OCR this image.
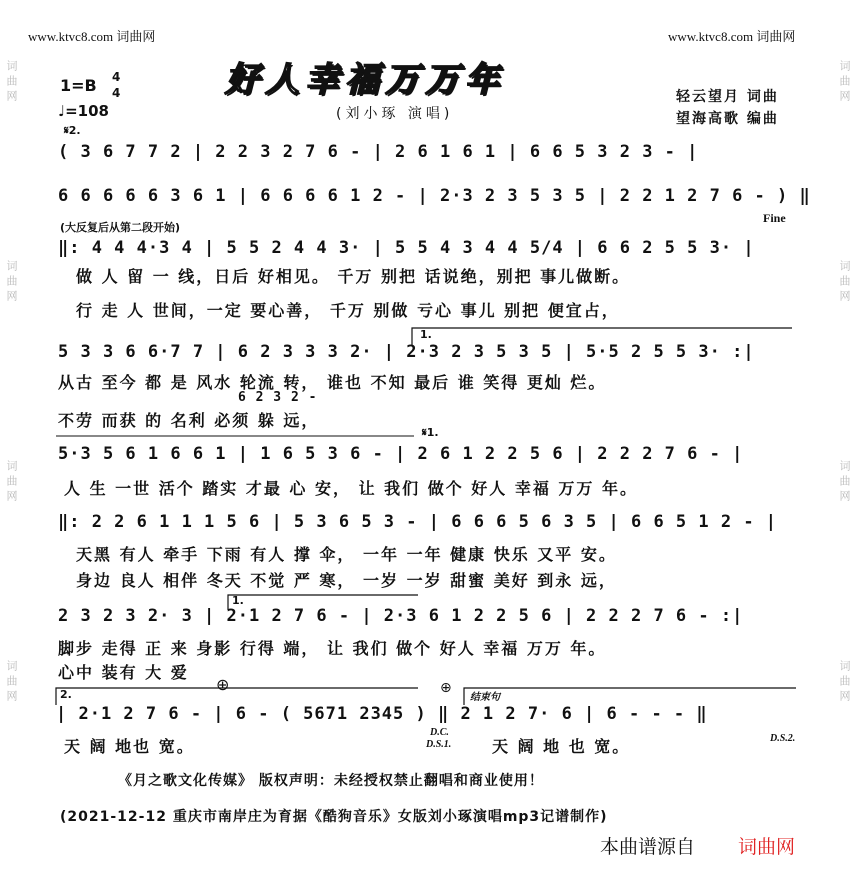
词曲网
词曲网
词曲网
词曲网
词曲网
词曲网
词曲网
词曲网
www.ktvc8.com 词曲网	www.ktvc8.com 词曲网
好人幸福万万年
(刘小琢 演唱)
1=B 4
4
♩=108
轻云望月 词曲
望海高歌 编曲
𝄋2.
( 3 6 7 7 2 | 2 2 3 2 7 6 - | 2 6 1 6 1 | 6 6 5 3 2 3 - |
6 6 6 6 6 3 6 1 | 6 6 6 6 1 2 - | 2·3 2 3 5 3 5 | 2 2 1 2 7 6 - ) ‖
Fine
(大反复后从第二段开始)
‖: 4 4 4·3 4 | 5 5 2 4 4 3· | 5 5 4 3 4 4 5/4 | 6 6 2 5 5 3· |
做 人 留 一 线，日后 好相见。 千万 别把 话说绝，别把 事儿做断。
行 走 人 世间，一定 要心善， 千万 别做 亏心 事儿 别把 便宜占，
1.
5 3 3 6 6·7 7 | 6 2 3 3 3 2· | 2·3 2 3 5 3 5 | 5·5 2 5 5 3· :|
从古 至今 都 是 风水 轮流 转， 谁也 不知 最后 谁 笑得 更灿 烂。
6 2 3 2 -
不劳 而获 的 名利 必须 躲 远，
𝄋1.
5·3 5 6 1 6 6 1 | 1 6 5 3 6 - | 2 6 1 2 2 5 6 | 2 2 2 7 6 - |
人 生 一世 活个 踏实 才最 心 安， 让 我们 做个 好人 幸福 万万 年。
‖: 2 2 6 1 1 1 5 6 | 5 3 6 5 3 - | 6 6 6 5 6 3 5 | 6 6 5 1 2 - |
天黑 有人 牵手 下雨 有人 撑 伞， 一年 一年 健康 快乐 又平 安。
身边 良人 相伴 冬天 不觉 严 寒， 一岁 一岁 甜蜜 美好 到永 远，
1.
2 3 2 3 2· 3 | 2·1 2 7 6 - | 2·3 6 1 2 2 5 6 | 2 2 2 7 6 - :|
脚步 走得 正 来 身影 行得 端， 让 我们 做个 好人 幸福 万万 年。
心中 装有 大 爱
2.
⊕	⊕
结束句
| 2·1 2 7 6 - | 6 - ( 5671 2345 ) ‖ 2 1 2 7· 6 | 6 - - - ‖
D.C.
D.S.1.
D.S.2.
天 阔 地也 宽。	天 阔 地 也 宽。
《月之歌文化传媒》 版权声明：未经授权禁止翻唱和商业使用！
(2021-12-12 重庆市南岸庄为育据《酷狗音乐》女版刘小琢演唱mp3记谱制作)
本曲谱源自 词曲网
